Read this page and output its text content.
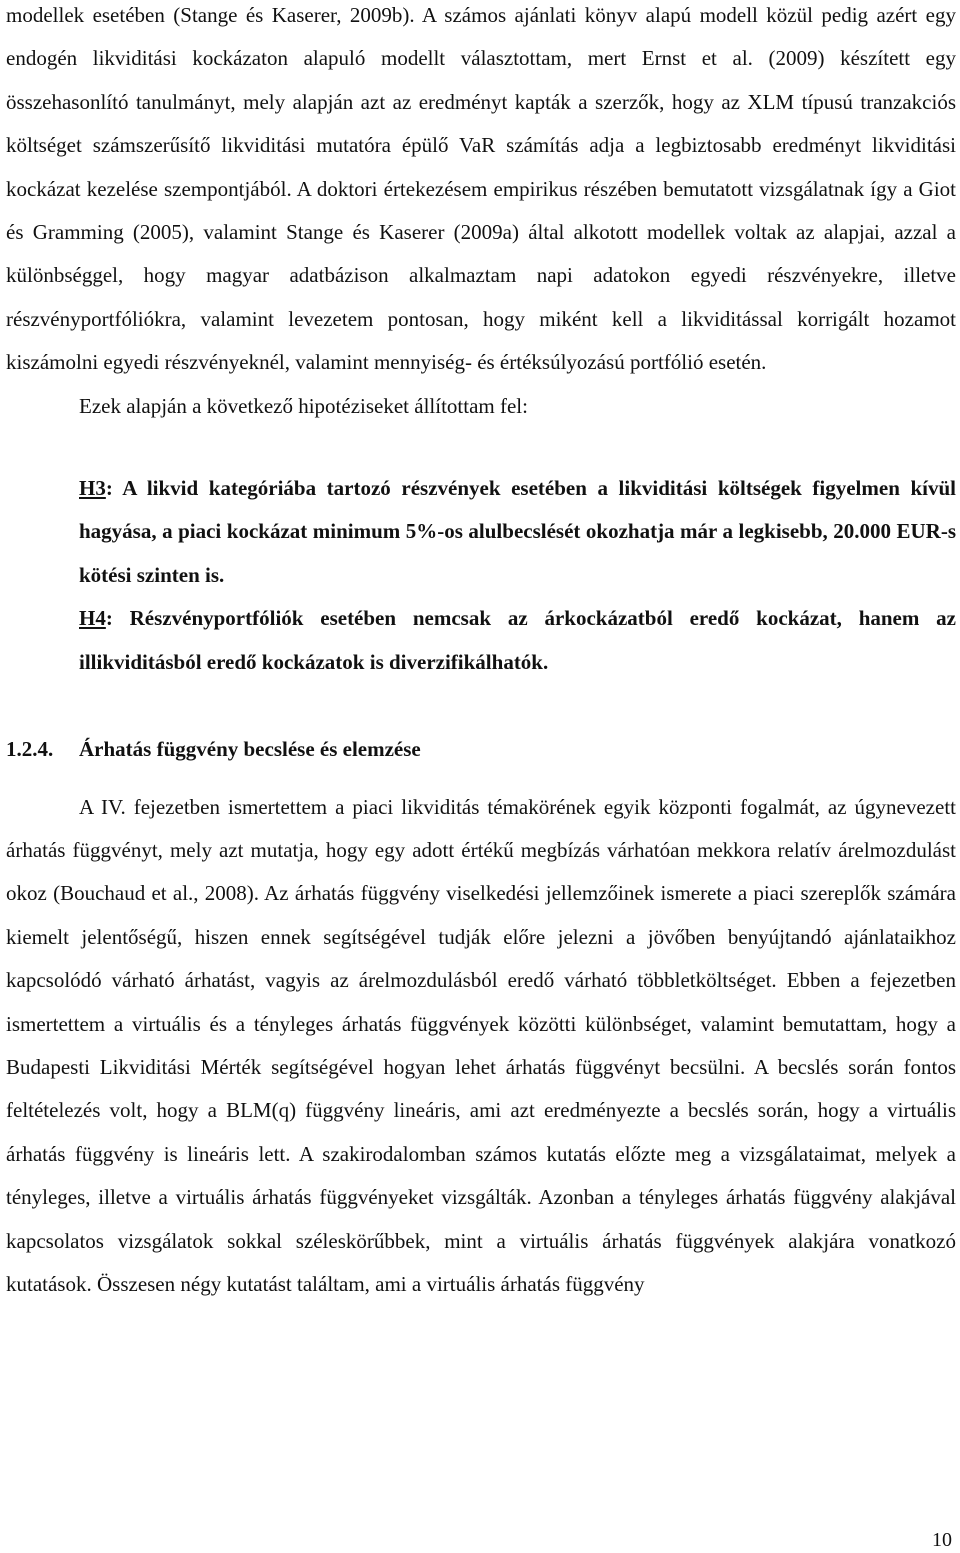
modellek esetében (Stange és Kaserer, 2009b). A számos ajánlati könyv alapú modell közül pedig azért egy endogén likviditási kockázaton alapuló modellt választottam, mert Ernst et al. (2009) készített egy összehasonlító tanulmányt, mely alapján azt az eredményt kapták a szerzők, hogy az XLM típusú tranzakciós költséget számszerűsítő likviditási mutatóra épülő VaR számítás adja a legbiztosabb eredményt likviditási kockázat kezelése szempontjából. A doktori értekezésem empirikus részében bemutatott vizsgálatnak így a Giot és Gramming (2005), valamint Stange és Kaserer (2009a) által alkotott modellek voltak az alapjai, azzal a különbséggel, hogy magyar adatbázison alkalmaztam napi adatokon egyedi részvényekre, illetve részvényportfóliókra, valamint levezetem pontosan, hogy miként kell a likviditással korrigált hozamot kiszámolni egyedi részvényeknél, valamint mennyiség- és értéksúlyozású portfólió esetén.

Ezek alapján a következő hipotéziseket állítottam fel:

H3: A likvid kategóriába tartozó részvények esetében a likviditási költségek figyelmen kívül hagyása, a piaci kockázat minimum 5%-os alulbecslését okozhatja már a legkisebb, 20.000 EUR-s kötési szinten is.

H4: Részvényportfóliók esetében nemcsak az árkockázatból eredő kockázat, hanem az illikviditásból eredő kockázatok is diverzifikálhatók.

1.2.4.	Árhatás függvény becslése és elemzése

A IV. fejezetben ismertettem a piaci likviditás témakörének egyik központi fogalmát, az úgynevezett árhatás függvényt, mely azt mutatja, hogy egy adott értékű megbízás várhatóan mekkora relatív árelmozdulást okoz (Bouchaud et al., 2008). Az árhatás függvény viselkedési jellemzőinek ismerete a piaci szereplők számára kiemelt jelentőségű, hiszen ennek segítségével tudják előre jelezni a jövőben benyújtandó ajánlataikhoz kapcsolódó várható árhatást, vagyis az árelmozdulásból eredő várható többletköltséget. Ebben a fejezetben ismertettem a virtuális és a tényleges árhatás függvények közötti különbséget, valamint bemutattam, hogy a Budapesti Likviditási Mérték segítségével hogyan lehet árhatás függvényt becsülni. A becslés során fontos feltételezés volt, hogy a BLM(q) függvény lineáris, ami azt eredményezte a becslés során, hogy a virtuális árhatás függvény is lineáris lett. A szakirodalomban számos kutatás előzte meg a vizsgálataimat, melyek a tényleges, illetve a virtuális árhatás függvényeket vizsgálták. Azonban a tényleges árhatás függvény alakjával kapcsolatos vizsgálatok sokkal széleskörűbbek, mint a virtuális árhatás függvények alakjára vonatkozó kutatások. Összesen négy kutatást találtam, ami a virtuális árhatás függvény

10
